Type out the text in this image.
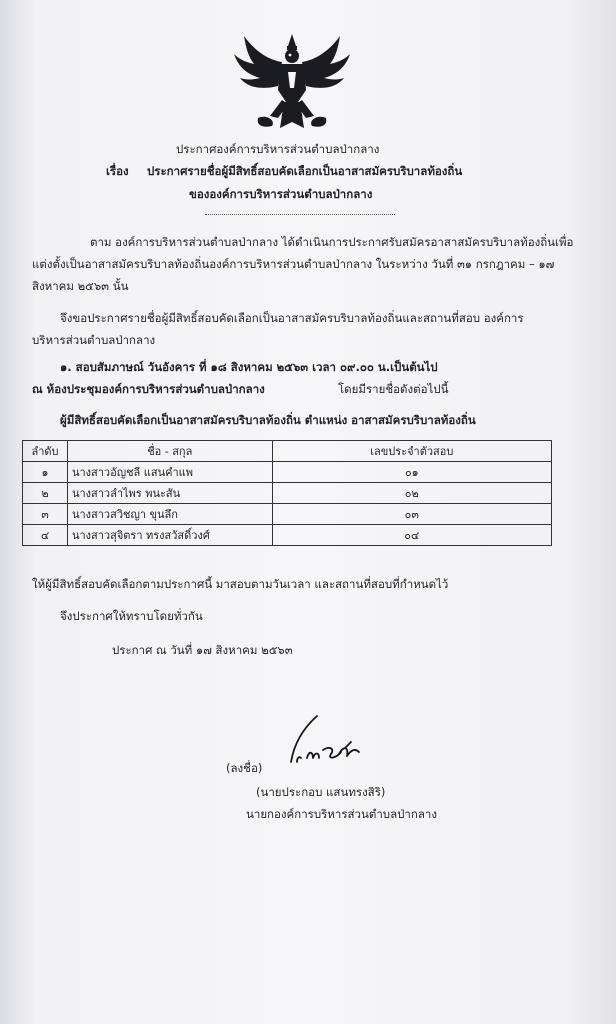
ประกาศองค์การบริหารส่วนตำบลป่ากลาง
เรื่อง ประกาศรายชื่อผู้มีสิทธิ์สอบคัดเลือกเป็นอาสาสมัครบริบาลท้องถิ่น
ขององค์การบริหารส่วนตำบลป่ากลาง
ตาม องค์การบริหารส่วนตำบลป่ากลาง ได้ดำเนินการประกาศรับสมัครอาสาสมัครบริบาลท้องถิ่นเพื่อ
แต่งตั้งเป็นอาสาสมัครบริบาลท้องถิ่นองค์การบริหารส่วนตำบลป่ากลาง ในระหว่าง วันที่ ๓๑ กรกฎาคม – ๑๗
สิงหาคม ๒๕๖๓ นั้น
จึงขอประกาศรายชื่อผู้มีสิทธิ์สอบคัดเลือกเป็นอาสาสมัครบริบาลท้องถิ่นและสถานที่สอบ องค์การ
บริหารส่วนตำบลป่ากลาง
๑. สอบสัมภาษณ์ วันอังคาร ที่ ๑๘ สิงหาคม ๒๕๖๓ เวลา ๐๙.๐๐ น.เป็นต้นไป
ณ ห้องประชุมองค์การบริหารส่วนตำบลป่ากลาง	โดยมีรายชื่อดังต่อไปนี้
ผู้มีสิทธิ์สอบคัดเลือกเป็นอาสาสมัครบริบาลท้องถิ่น ตำแหน่ง อาสาสมัครบริบาลท้องถิ่น
ลำดับ	ชื่อ - สกุล	เลขประจำตัวสอบ
๑	นางสาวอัญชลี แสนคำแพ	๐๑
๒	นางสาวลำไพร พนะสัน	๐๒
๓	นางสาวสวิชญา ขุนลึก	๐๓
๔	นางสาวสุจิตรา ทรงสวัสดิ์วงศ์	๐๔
ให้ผู้มีสิทธิ์สอบคัดเลือกตามประกาศนี้ มาสอบตามวันเวลา และสถานที่สอบที่กำหนดไว้
จึงประกาศให้ทราบโดยทั่วกัน
ประกาศ ณ วันที่ ๑๗ สิงหาคม ๒๕๖๓
(ลงชื่อ)
(นายประกอบ แสนทรงสิริ)
นายกองค์การบริหารส่วนตำบลป่ากลาง
